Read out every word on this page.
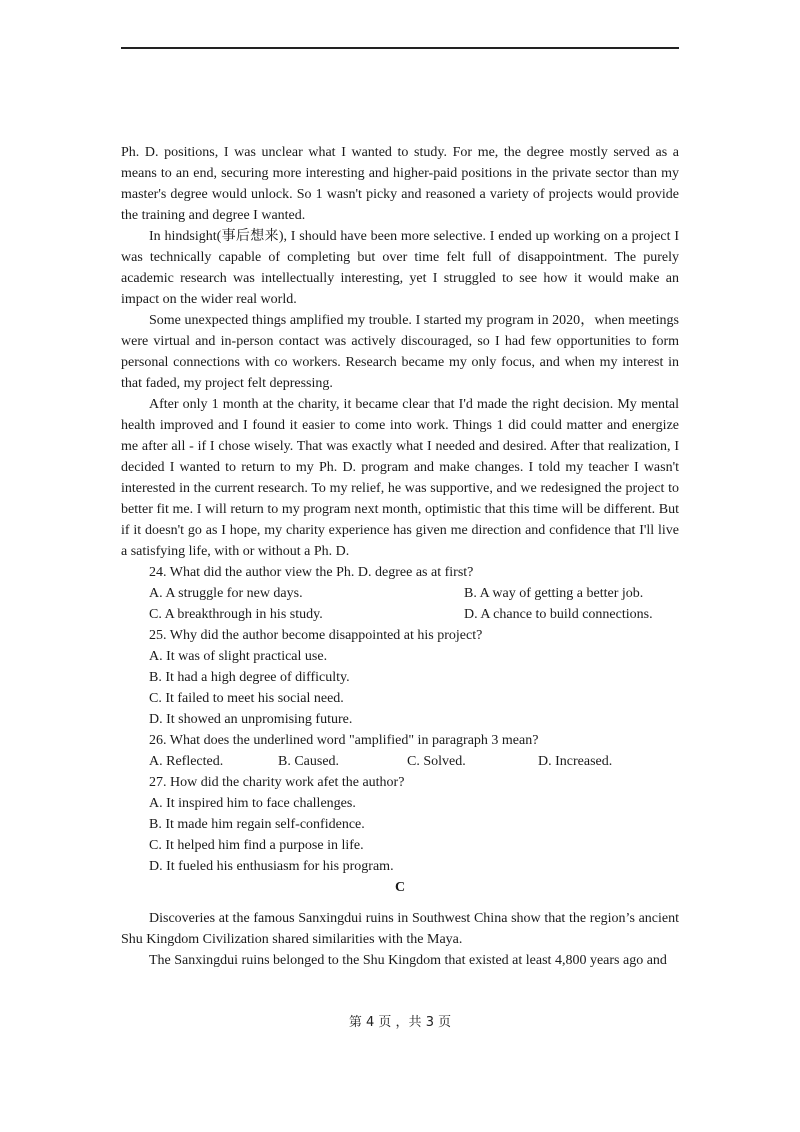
Ph. D. positions, I was unclear what I wanted to study. For me, the degree mostly served as a means to an end, securing more interesting and higher-paid positions in the private sector than my master's degree would unlock. So 1 wasn't picky and reasoned a variety of projects would provide the training and degree I wanted.

In hindsight(事后想来), I should have been more selective. I ended up working on a project I was technically capable of completing but over time felt full of disappointment. The purely academic research was intellectually interesting, yet I struggled to see how it would make an impact on the wider real world.

Some unexpected things amplified my trouble. I started my program in 2020，when meetings were virtual and in-person contact was actively discouraged, so I had few opportunities to form personal connections with co workers. Research became my only focus, and when my interest in that faded, my project felt depressing.

After only 1 month at the charity, it became clear that I'd made the right decision. My mental health improved and I found it easier to come into work. Things 1 did could matter and energize me after all - if I chose wisely. That was exactly what I needed and desired. After that realization, I decided I wanted to return to my Ph. D. program and make changes. I told my teacher I wasn't interested in the current research. To my relief, he was supportive, and we redesigned the project to better fit me. I will return to my program next month, optimistic that this time will be different. But if it doesn't go as I hope, my charity experience has given me direction and confidence that I'll live a satisfying life, with or without a Ph. D.

24. What did the author view the Ph. D. degree as at first?

A. A struggle for new days.	B. A way of getting a better job.
C. A breakthrough in his study.	D. A chance to build connections.

25. Why did the author become disappointed at his project?

A. It was of slight practical use.

B. It had a high degree of difficulty.

C. It failed to meet his social need.

D. It showed an unpromising future.

26. What does the underlined word "amplified" in paragraph 3 mean?

A. Reflected.	B. Caused.	C. Solved.	D. Increased.

27. How did the charity work afet the author?

A. It inspired him to face challenges.

B. It made him regain self-confidence.

C. It helped him find a purpose in life.

D. It fueled his enthusiasm for his program.

C

Discoveries at the famous Sanxingdui ruins in Southwest China show that the region’s ancient Shu Kingdom Civilization shared similarities with the Maya.

The Sanxingdui ruins belonged to the Shu Kingdom that existed at least 4,800 years ago and

第 4 页 ，共 3 页
